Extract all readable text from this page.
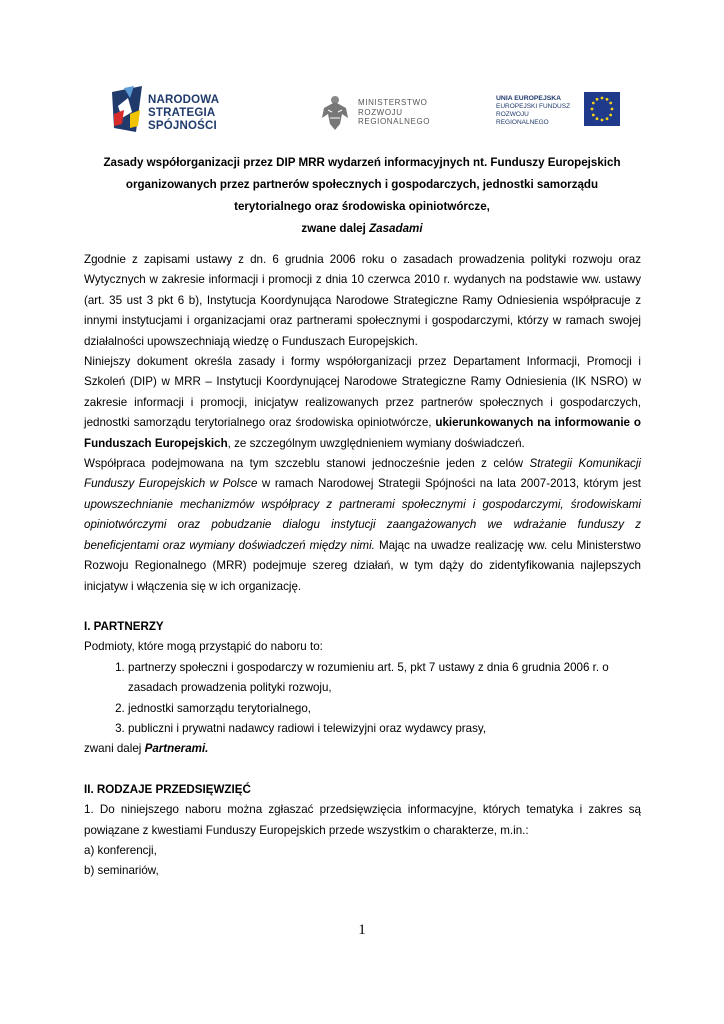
NARODOWA
STRATEGIA SPÓJNOŚCI
MINISTERSTWO
ROZWOJU
REGIONALNEGO
UNIA EUROPEJSKA
EUROPEJSKI FUNDUSZ
ROZWOJU REGIONALNEGO
Zasady współorganizacji przez DIP MRR wydarzeń informacyjnych nt. Funduszy Europejskich
organizowanych przez partnerów społecznych i gospodarczych, jednostki samorządu
terytorialnego oraz środowiska opiniotwórcze,
zwane dalej Zasadami

Zgodnie z zapisami ustawy z dn. 6 grudnia 2006 roku o zasadach prowadzenia polityki rozwoju oraz Wytycznych w zakresie informacji i promocji z dnia 10 czerwca 2010 r. wydanych na podstawie ww. ustawy (art. 35 ust 3 pkt 6 b), Instytucja Koordynująca Narodowe Strategiczne Ramy Odniesienia współpracuje z innymi instytucjami i organizacjami oraz partnerami społecznymi i gospodarczymi, którzy w ramach swojej działalności upowszechniają wiedzę o Funduszach Europejskich.

Niniejszy dokument określa zasady i formy współorganizacji przez Departament Informacji, Promocji i Szkoleń (DIP) w MRR – Instytucji Koordynującej Narodowe Strategiczne Ramy Odniesienia (IK NSRO) w zakresie informacji i promocji, inicjatyw realizowanych przez partnerów społecznych i gospodarczych, jednostki samorządu terytorialnego oraz środowiska opiniotwórcze, ukierunkowanych na informowanie o Funduszach Europejskich, ze szczególnym uwzględnieniem wymiany doświadczeń.

Współpraca podejmowana na tym szczeblu stanowi jednocześnie jeden z celów Strategii Komunikacji Funduszy Europejskich w Polsce w ramach Narodowej Strategii Spójności na lata 2007-2013, którym jest upowszechnianie mechanizmów współpracy z partnerami społecznymi i gospodarczymi, środowiskami opiniotwórczymi oraz pobudzanie dialogu instytucji zaangażowanych we wdrażanie funduszy z beneficjentami oraz wymiany doświadczeń między nimi. Mając na uwadze realizację ww. celu Ministerstwo Rozwoju Regionalnego (MRR) podejmuje szereg działań, w tym dąży do zidentyfikowania najlepszych inicjatyw i włączenia się w ich organizację.

I. PARTNERZY

Podmioty, które mogą przystąpić do naboru to:

1. partnerzy społeczni i gospodarczy w rozumieniu art. 5, pkt 7 ustawy z dnia 6 grudnia 2006 r. o zasadach prowadzenia polityki rozwoju,
2. jednostki samorządu terytorialnego,
3. publiczni i prywatni nadawcy radiowi i telewizyjni oraz wydawcy prasy,

zwani dalej Partnerami.

II. RODZAJE PRZEDSIĘWZIĘĆ

1. Do niniejszego naboru można zgłaszać przedsięwzięcia informacyjne, których tematyka i zakres są powiązane z kwestiami Funduszy Europejskich przede wszystkim o charakterze, m.in.:

a) konferencji,

b) seminariów,

1
